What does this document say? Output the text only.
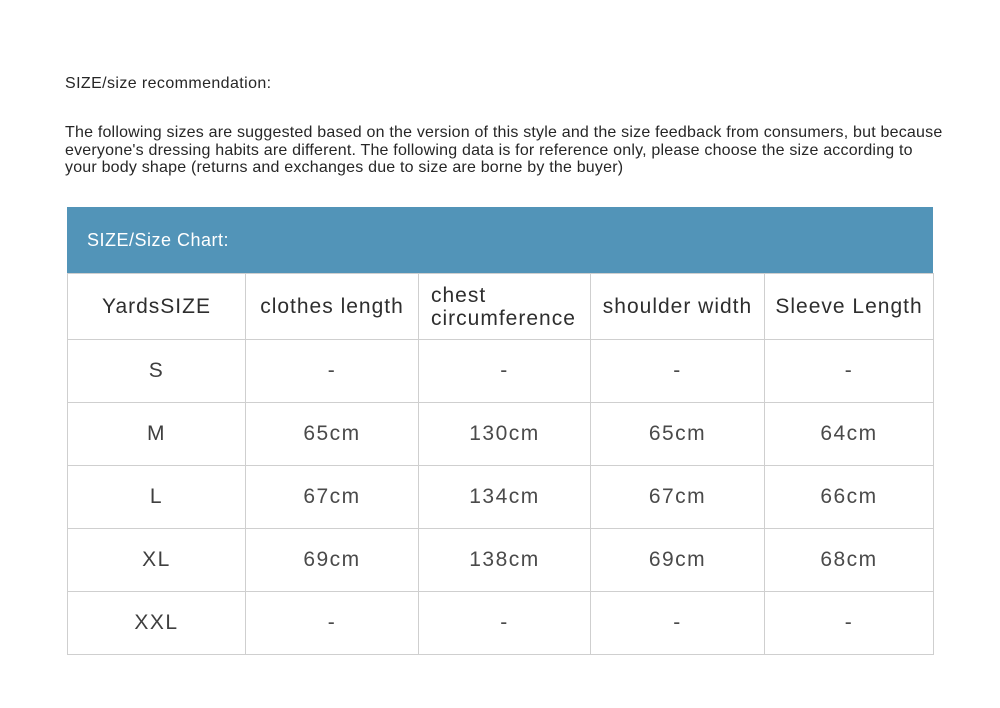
SIZE/size recommendation:
The following sizes are suggested based on the version of this style and the size feedback from consumers, but because everyone's dressing habits are different. The following data is for reference only, please choose the size according to your body shape (returns and exchanges due to size are borne by the buyer)
SIZE/Size Chart:
YardsSIZE	clothes length	chest circumference	shoulder width	Sleeve Length
S	-	-	-	-
M	65cm	130cm	65cm	64cm
L	67cm	134cm	67cm	66cm
XL	69cm	138cm	69cm	68cm
XXL	-	-	-	-
